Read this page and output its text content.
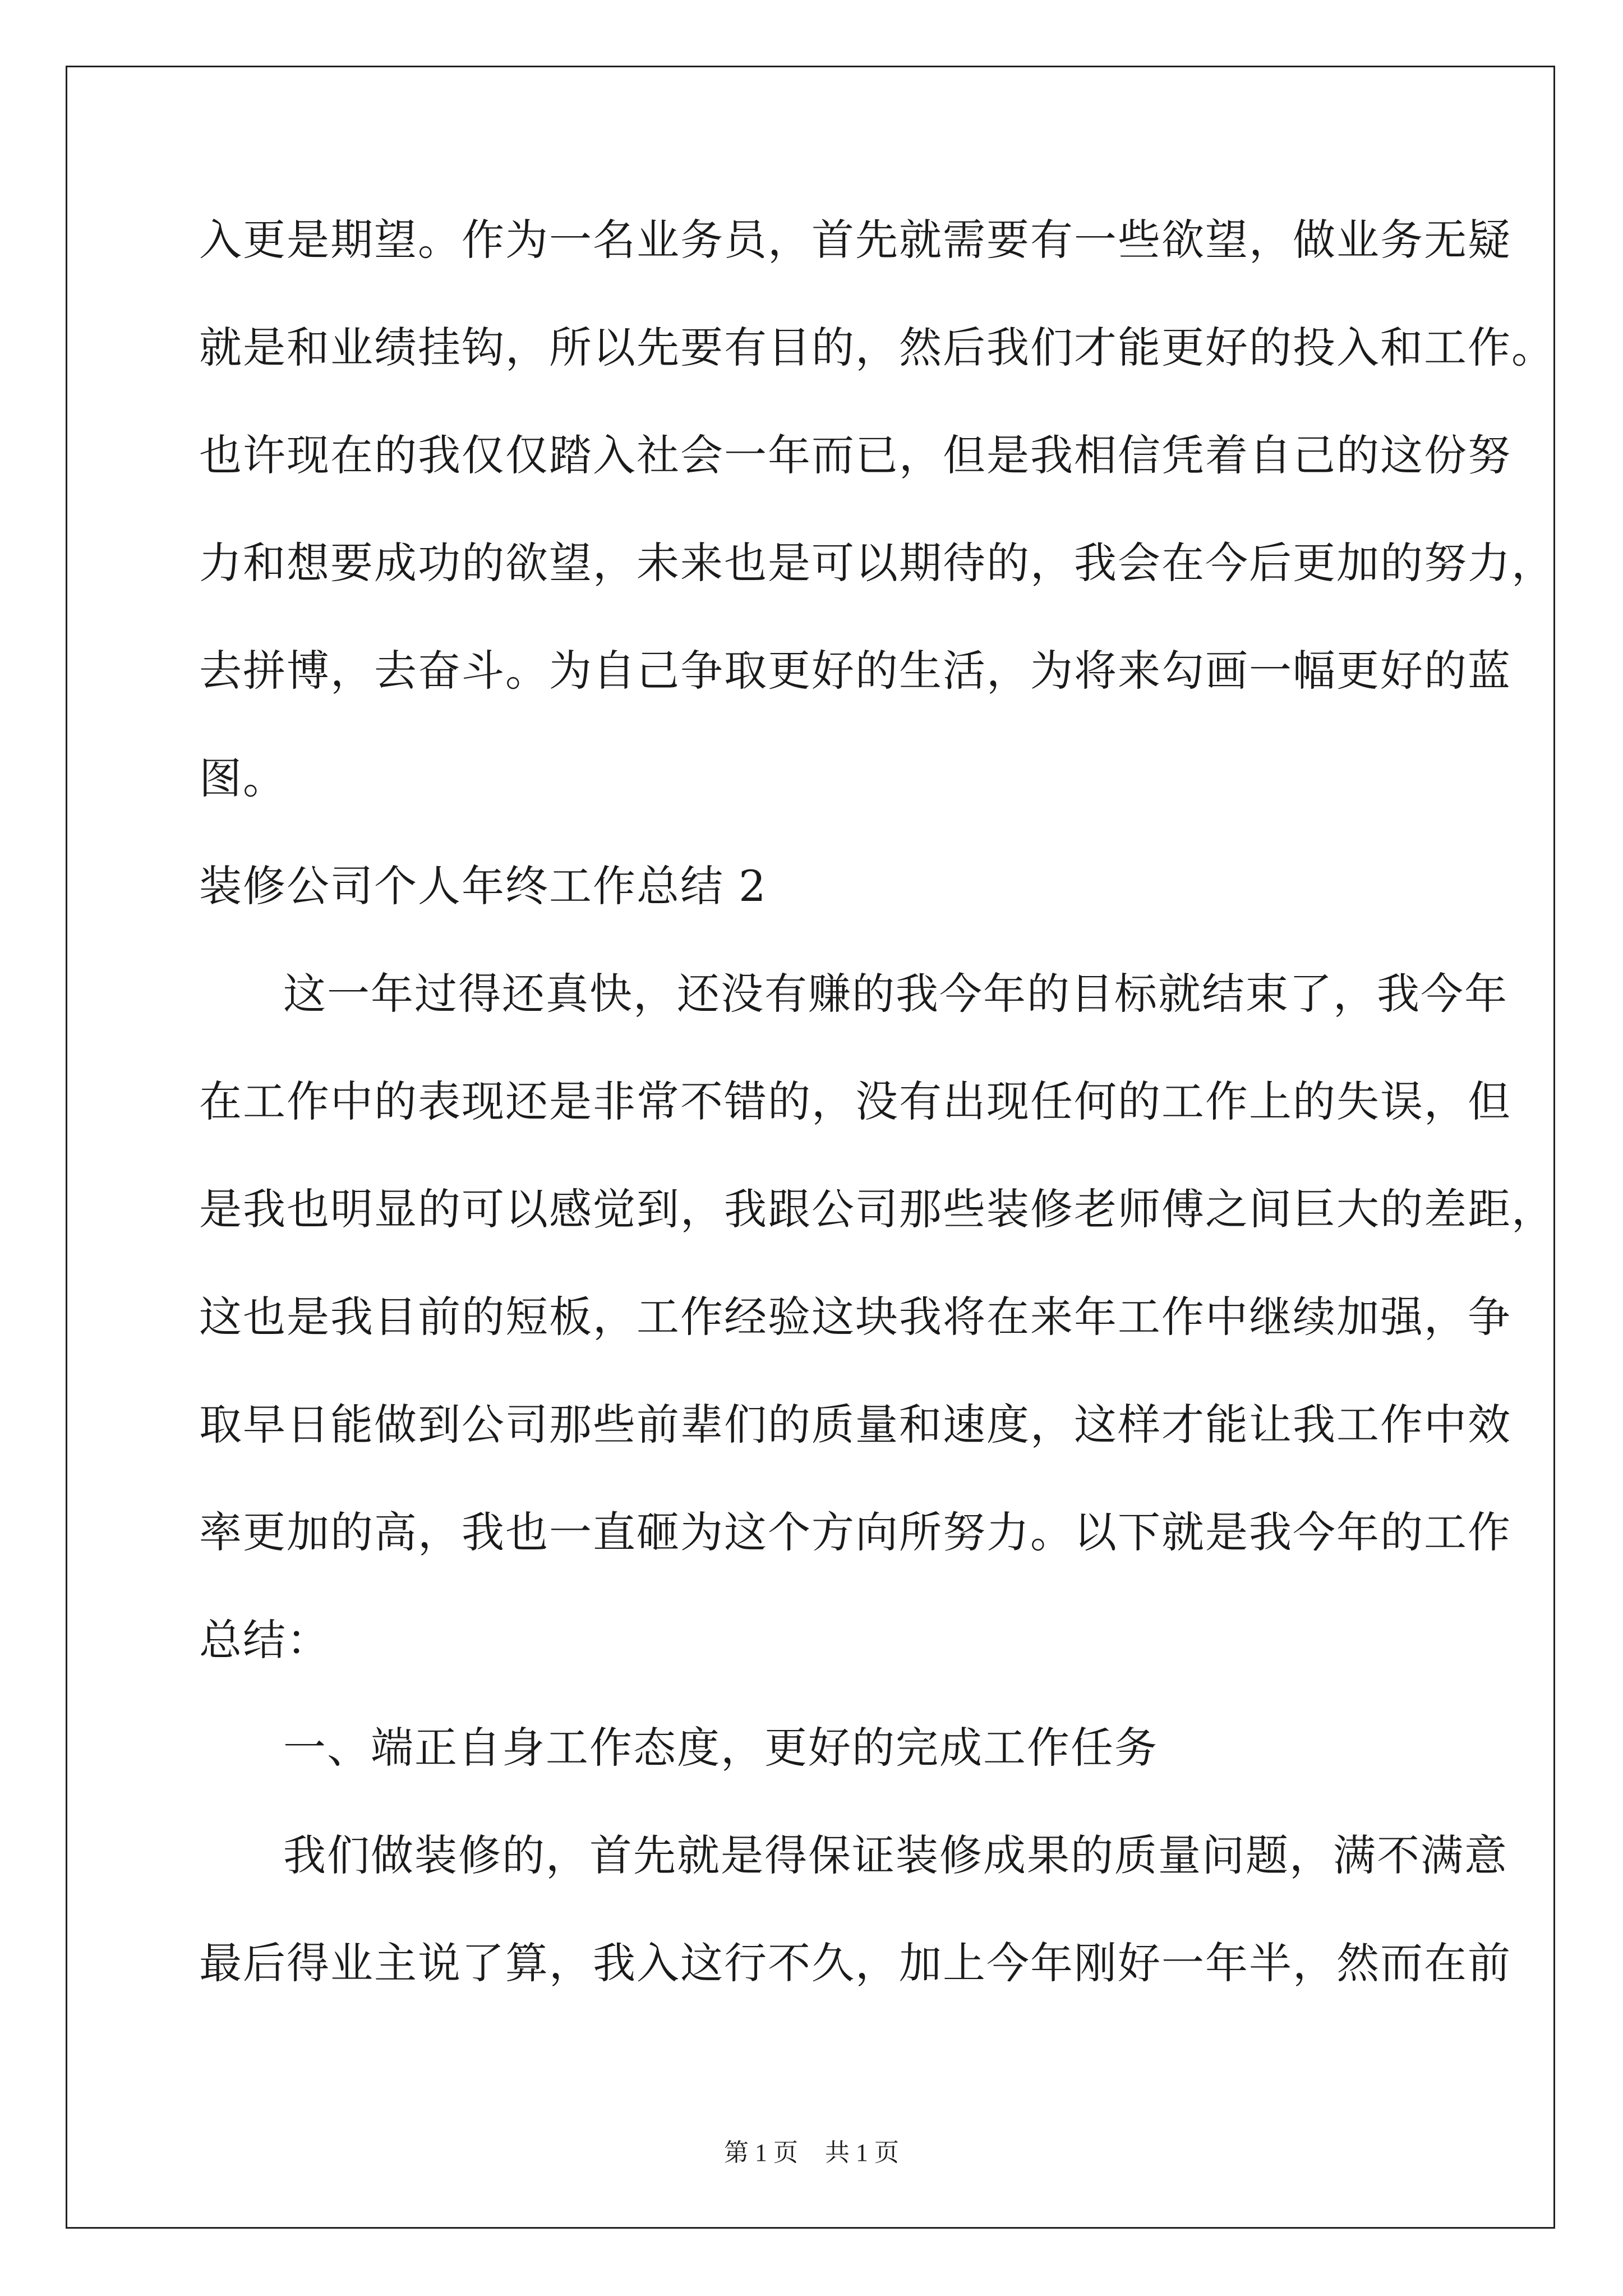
入更是期望。作为一名业务员，首先就需要有一些欲望，做业务无疑
就是和业绩挂钩，所以先要有目的，然后我们才能更好的投入和工作。
也许现在的我仅仅踏入社会一年而已，但是我相信凭着自己的这份努
力和想要成功的欲望，未来也是可以期待的，我会在今后更加的努力，
去拼博，去奋斗。为自己争取更好的生活，为将来勾画一幅更好的蓝
图。
装修公司个人年终工作总结 2
这一年过得还真快，还没有赚的我今年的目标就结束了，我今年
在工作中的表现还是非常不错的，没有出现任何的工作上的失误，但
是我也明显的可以感觉到，我跟公司那些装修老师傅之间巨大的差距，
这也是我目前的短板，工作经验这块我将在来年工作中继续加强，争
取早日能做到公司那些前辈们的质量和速度，这样才能让我工作中效
率更加的高，我也一直砸为这个方向所努力。以下就是我今年的工作
总结：
一、端正自身工作态度，更好的完成工作任务
我们做装修的，首先就是得保证装修成果的质量问题，满不满意
最后得业主说了算，我入这行不久，加上今年刚好一年半，然而在前
第 1 页 共 1 页
